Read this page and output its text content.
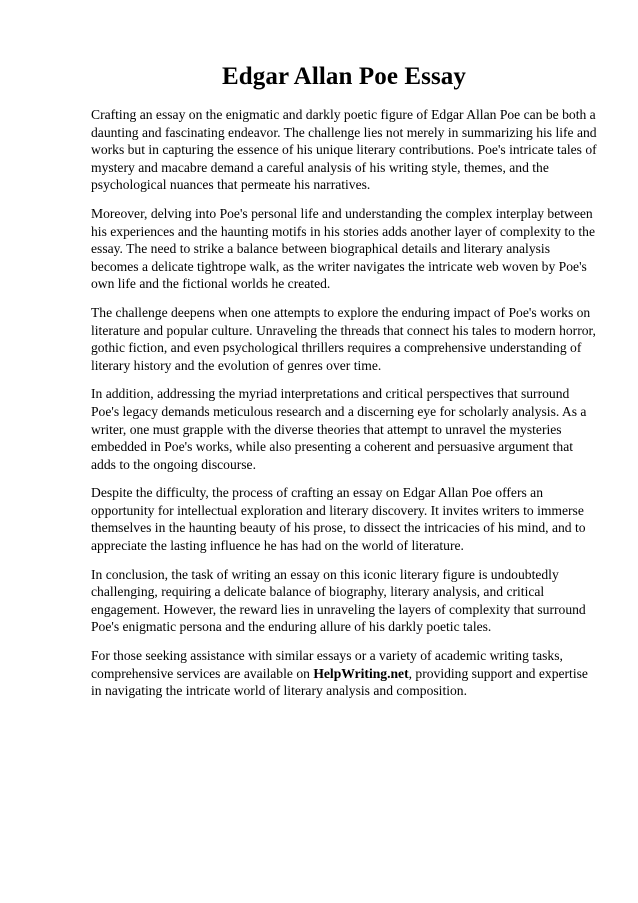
Edgar Allan Poe Essay

Crafting an essay on the enigmatic and darkly poetic figure of Edgar Allan Poe can be both a daunting and fascinating endeavor. The challenge lies not merely in summarizing his life and works but in capturing the essence of his unique literary contributions. Poe's intricate tales of mystery and macabre demand a careful analysis of his writing style, themes, and the psychological nuances that permeate his narratives.

Moreover, delving into Poe's personal life and understanding the complex interplay between his experiences and the haunting motifs in his stories adds another layer of complexity to the essay. The need to strike a balance between biographical details and literary analysis becomes a delicate tightrope walk, as the writer navigates the intricate web woven by Poe's own life and the fictional worlds he created.

The challenge deepens when one attempts to explore the enduring impact of Poe's works on literature and popular culture. Unraveling the threads that connect his tales to modern horror, gothic fiction, and even psychological thrillers requires a comprehensive understanding of literary history and the evolution of genres over time.

In addition, addressing the myriad interpretations and critical perspectives that surround Poe's legacy demands meticulous research and a discerning eye for scholarly analysis. As a writer, one must grapple with the diverse theories that attempt to unravel the mysteries embedded in Poe's works, while also presenting a coherent and persuasive argument that adds to the ongoing discourse.

Despite the difficulty, the process of crafting an essay on Edgar Allan Poe offers an opportunity for intellectual exploration and literary discovery. It invites writers to immerse themselves in the haunting beauty of his prose, to dissect the intricacies of his mind, and to appreciate the lasting influence he has had on the world of literature.

In conclusion, the task of writing an essay on this iconic literary figure is undoubtedly challenging, requiring a delicate balance of biography, literary analysis, and critical engagement. However, the reward lies in unraveling the layers of complexity that surround Poe's enigmatic persona and the enduring allure of his darkly poetic tales.

For those seeking assistance with similar essays or a variety of academic writing tasks, comprehensive services are available on HelpWriting.net, providing support and expertise in navigating the intricate world of literary analysis and composition.
